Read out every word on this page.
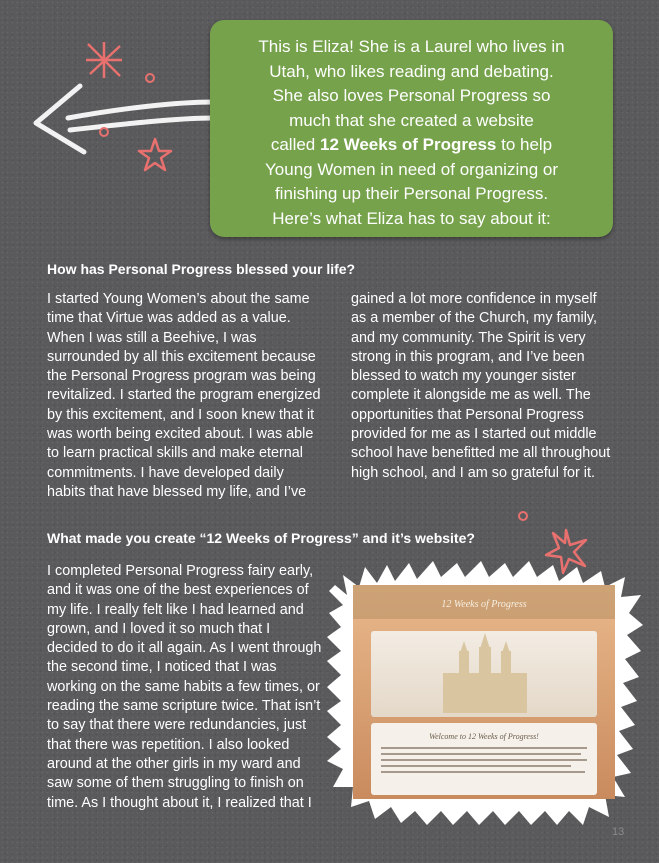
This is Eliza! She is a Laurel who lives in
Utah, who likes reading and debating.
She also loves Personal Progress so
much that she created a website
called 12 Weeks of Progress to help
Young Women in need of organizing or
finishing up their Personal Progress.
Here’s what Eliza has to say about it:
How has Personal Progress blessed your life?
I started Young Women’s about the same
time that Virtue was added as a value.
When I was still a Beehive, I was
surrounded by all this excitement because
the Personal Progress program was being
revitalized. I started the program energized
by this excitement, and I soon knew that it
was worth being excited about. I was able
to learn practical skills and make eternal
commitments. I have developed daily
habits that have blessed my life, and I’ve
gained a lot more confidence in myself
as a member of the Church, my family,
and my community. The Spirit is very
strong in this program, and I’ve been
blessed to watch my younger sister
complete it alongside me as well. The
opportunities that Personal Progress
provided for me as I started out middle
school have benefitted me all throughout
high school, and I am so grateful for it.
What made you create “12 Weeks of Progress” and it’s website?
I completed Personal Progress fairy early,
and it was one of the best experiences of
my life. I really felt like I had learned and
grown, and I loved it so much that I
decided to do it all again. As I went through
the second time, I noticed that I was
working on the same habits a few times, or
reading the same scripture twice. That isn’t
to say that there were redundancies, just
that there was repetition. I also looked
around at the other girls in my ward and
saw some of them struggling to finish on
time. As I thought about it, I realized that I
12 Weeks of Progress
Welcome to 12 Weeks of Progress!
13
